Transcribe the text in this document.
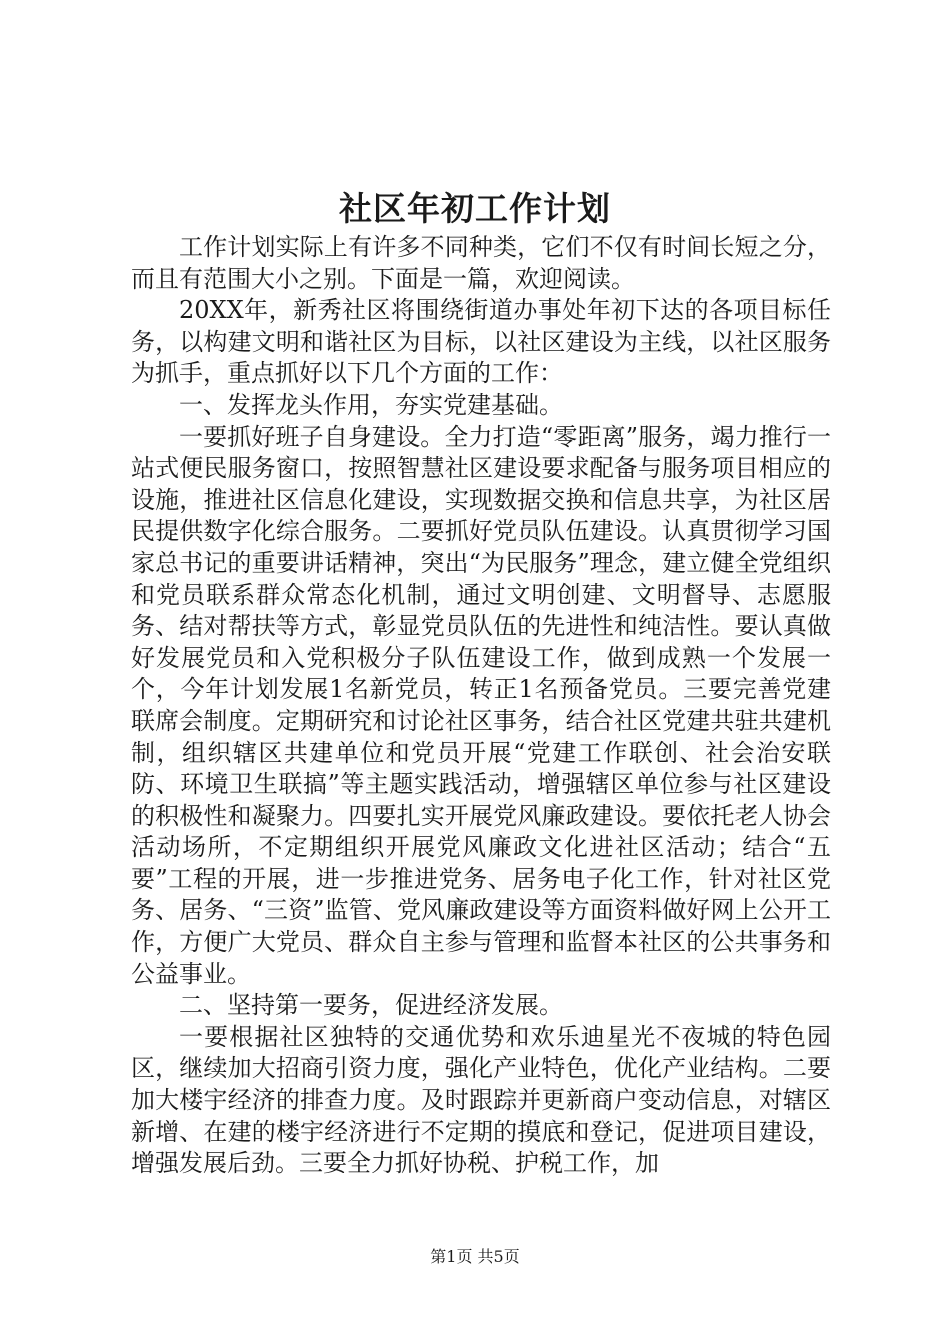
社区年初工作计划

工作计划实际上有许多不同种类，它们不仅有时间长短之分，而且有范围大小之别。下面是一篇，欢迎阅读。

20XX年，新秀社区将围绕街道办事处年初下达的各项目标任务，以构建文明和谐社区为目标，以社区建设为主线，以社区服务为抓手，重点抓好以下几个方面的工作：

一、发挥龙头作用，夯实党建基础。

一要抓好班子自身建设。全力打造“零距离”服务，竭力推行一站式便民服务窗口，按照智慧社区建设要求配备与服务项目相应的设施，推进社区信息化建设，实现数据交换和信息共享，为社区居民提供数字化综合服务。二要抓好党员队伍建设。认真贯彻学习国家总书记的重要讲话精神，突出“为民服务”理念，建立健全党组织和党员联系群众常态化机制，通过文明创建、文明督导、志愿服务、结对帮扶等方式，彰显党员队伍的先进性和纯洁性。要认真做好发展党员和入党积极分子队伍建设工作，做到成熟一个发展一个，今年计划发展1名新党员，转正1名预备党员。三要完善党建联席会制度。定期研究和讨论社区事务，结合社区党建共驻共建机制，组织辖区共建单位和党员开展“党建工作联创、社会治安联防、环境卫生联搞”等主题实践活动，增强辖区单位参与社区建设的积极性和凝聚力。四要扎实开展党风廉政建设。要依托老人协会活动场所，不定期组织开展党风廉政文化进社区活动；结合“五要”工程的开展，进一步推进党务、居务电子化工作，针对社区党务、居务、“三资”监管、党风廉政建设等方面资料做好网上公开工作，方便广大党员、群众自主参与管理和监督本社区的公共事务和公益事业。

二、坚持第一要务，促进经济发展。

一要根据社区独特的交通优势和欢乐迪星光不夜城的特色园区，继续加大招商引资力度，强化产业特色，优化产业结构。二要加大楼宇经济的排查力度。及时跟踪并更新商户变动信息，对辖区新增、在建的楼宇经济进行不定期的摸底和登记，促进项目建设，增强发展后劲。三要全力抓好协税、护税工作，加

第1页 共5页
